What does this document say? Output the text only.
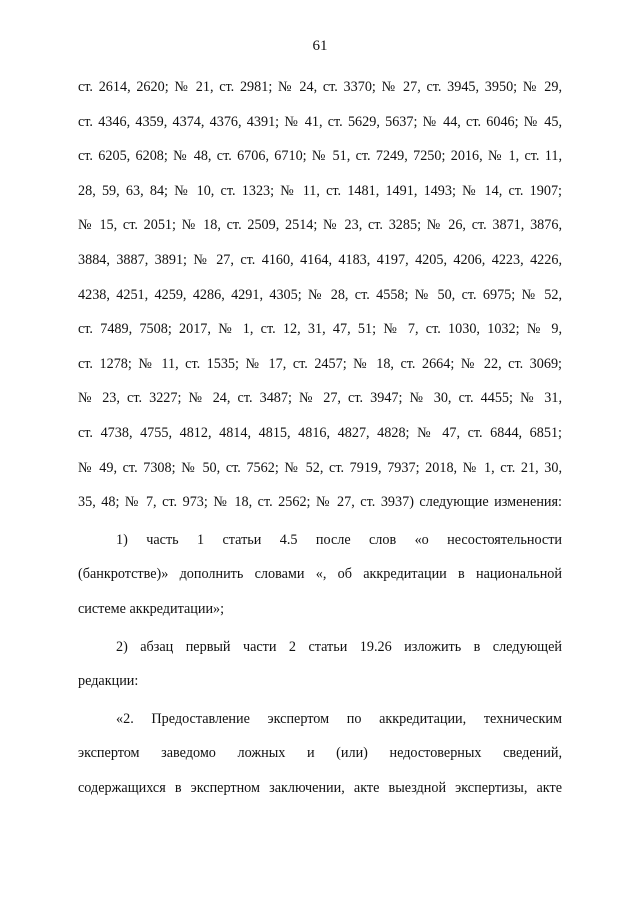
61
ст. 2614, 2620; № 21, ст. 2981; № 24, ст. 3370; № 27, ст. 3945, 3950; № 29,
ст. 4346, 4359, 4374, 4376, 4391; № 41, ст. 5629, 5637; № 44, ст. 6046; № 45,
ст. 6205, 6208; № 48, ст. 6706, 6710; № 51, ст. 7249, 7250; 2016, № 1, ст. 11,
28, 59, 63, 84; № 10, ст. 1323; № 11, ст. 1481, 1491, 1493; № 14, ст. 1907;
№ 15, ст. 2051; № 18, ст. 2509, 2514; № 23, ст. 3285; № 26, ст. 3871, 3876,
3884, 3887, 3891; № 27, ст. 4160, 4164, 4183, 4197, 4205, 4206, 4223, 4226,
4238, 4251, 4259, 4286, 4291, 4305; № 28, ст. 4558; № 50, ст. 6975; № 52,
ст. 7489, 7508; 2017, № 1, ст. 12, 31, 47, 51; № 7, ст. 1030, 1032; № 9,
ст. 1278; № 11, ст. 1535; № 17, ст. 2457; № 18, ст. 2664; № 22, ст. 3069;
№ 23, ст. 3227; № 24, ст. 3487; № 27, ст. 3947; № 30, ст. 4455; № 31,
ст. 4738, 4755, 4812, 4814, 4815, 4816, 4827, 4828; № 47, ст. 6844, 6851;
№ 49, ст. 7308; № 50, ст. 7562; № 52, ст. 7919, 7937; 2018, № 1, ст. 21, 30,
35, 48; № 7, ст. 973; № 18, ст. 2562; № 27, ст. 3937) следующие изменения:
1) часть 1 статьи 4.5 после слов «о несостоятельности
(банкротстве)» дополнить словами «, об аккредитации в национальной
системе аккредитации»;
2) абзац первый части 2 статьи 19.26 изложить в следующей
редакции:
«2. Предоставление экспертом по аккредитации, техническим
экспертом заведомо ложных и (или) недостоверных сведений,
содержащихся в экспертном заключении, акте выездной экспертизы, акте
